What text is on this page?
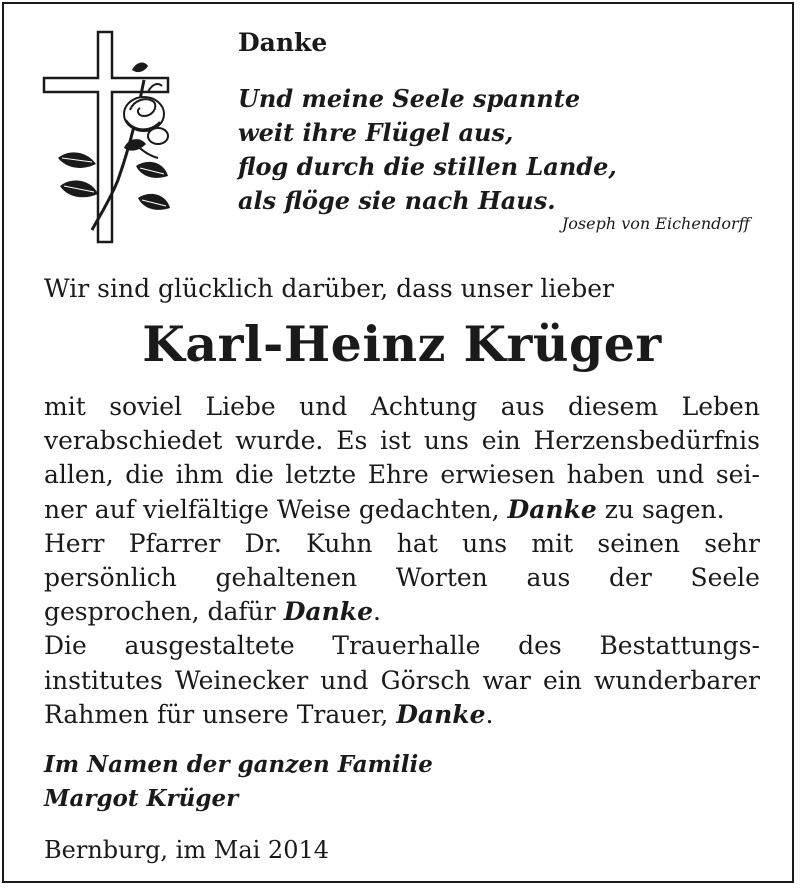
Danke
Und meine Seele spannte
weit ihre Flügel aus,
flog durch die stillen Lande,
als flöge sie nach Haus.
Joseph von Eichendorff
Wir sind glücklich darüber, dass unser lieber
Karl-Heinz Krüger
mit soviel Liebe und Achtung aus diesem Leben
verabschiedet wurde. Es ist uns ein Herzensbedürfnis
allen, die ihm die letzte Ehre erwiesen haben und sei-
ner auf vielfältige Weise gedachten, Danke zu sagen.
Herr Pfarrer Dr. Kuhn hat uns mit seinen sehr
persönlich gehaltenen Worten aus der Seele
gesprochen, dafür Danke.
Die ausgestaltete Trauerhalle des Bestattungs-
institutes Weinecker und Görsch war ein wunderbarer
Rahmen für unsere Trauer, Danke.
Im Namen der ganzen Familie
Margot Krüger
Bernburg, im Mai 2014
